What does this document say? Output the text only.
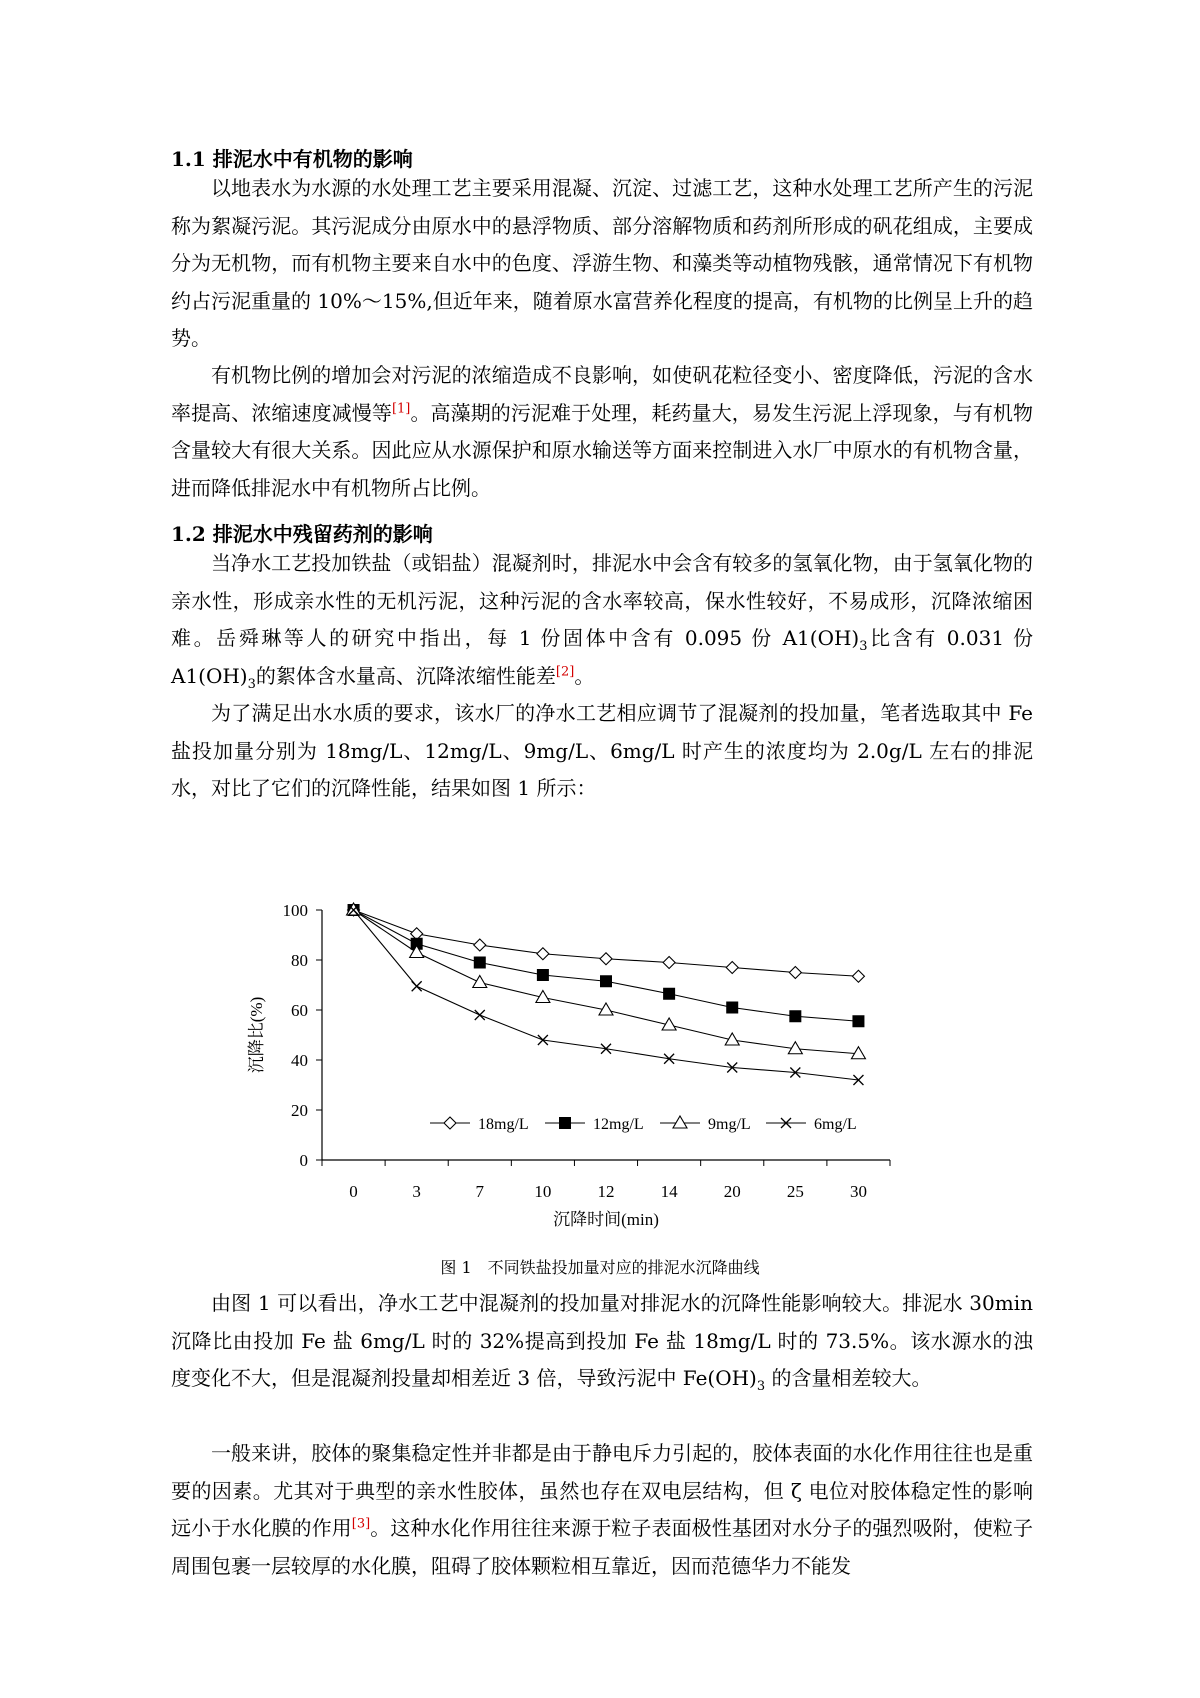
1.1 排泥水中有机物的影响

以地表水为水源的水处理工艺主要采用混凝、沉淀、过滤工艺，这种水处理工艺所产生的污泥称为絮凝污泥。其污泥成分由原水中的悬浮物质、部分溶解物质和药剂所形成的矾花组成，主要成分为无机物，而有机物主要来自水中的色度、浮游生物、和藻类等动植物残骸，通常情况下有机物约占污泥重量的 10%～15%,但近年来，随着原水富营养化程度的提高，有机物的比例呈上升的趋势。

有机物比例的增加会对污泥的浓缩造成不良影响，如使矾花粒径变小、密度降低，污泥的含水率提高、浓缩速度减慢等[1]。高藻期的污泥难于处理，耗药量大，易发生污泥上浮现象，与有机物含量较大有很大关系。因此应从水源保护和原水输送等方面来控制进入水厂中原水的有机物含量，进而降低排泥水中有机物所占比例。

1.2 排泥水中残留药剂的影响

当净水工艺投加铁盐（或铝盐）混凝剂时，排泥水中会含有较多的氢氧化物，由于氢氧化物的亲水性，形成亲水性的无机污泥，这种污泥的含水率较高，保水性较好，不易成形，沉降浓缩困难。岳舜琳等人的研究中指出，每 1 份固体中含有 0.095 份 $A1(OH)_3$比含有 0.031 份 $A1(OH)_3$的絮体含水量高、沉降浓缩性能差[2]。

为了满足出水水质的要求，该水厂的净水工艺相应调节了混凝剂的投加量，笔者选取其中 Fe 盐投加量分别为 18mg/L、12mg/L、9mg/L、6mg/L 时产生的浓度均为 2.0g/L 左右的排泥水，对比了它们的沉降性能，结果如图 1 所示：

0
20
40
60
80
100
0	3	7	10	12	14	20	25	30
沉降时间(min)
沉降比(%)
18mg/L	12mg/L	9mg/L	6mg/L
图 1　不同铁盐投加量对应的排泥水沉降曲线

由图 1 可以看出，净水工艺中混凝剂的投加量对排泥水的沉降性能影响较大。排泥水 30min 沉降比由投加 Fe 盐 6mg/L 时的 32%提高到投加 Fe 盐 18mg/L 时的 73.5%。该水源水的浊度变化不大，但是混凝剂投量却相差近 3 倍，导致污泥中 $Fe(OH)_3$ 的含量相差较大。

一般来讲，胶体的聚集稳定性并非都是由于静电斥力引起的，胶体表面的水化作用往往也是重要的因素。尤其对于典型的亲水性胶体，虽然也存在双电层结构，但 ζ 电位对胶体稳定性的影响远小于水化膜的作用[3]。这种水化作用往往来源于粒子表面极性基团对水分子的强烈吸附，使粒子周围包裹一层较厚的水化膜，阻碍了胶体颗粒相互靠近，因而范德华力不能发
